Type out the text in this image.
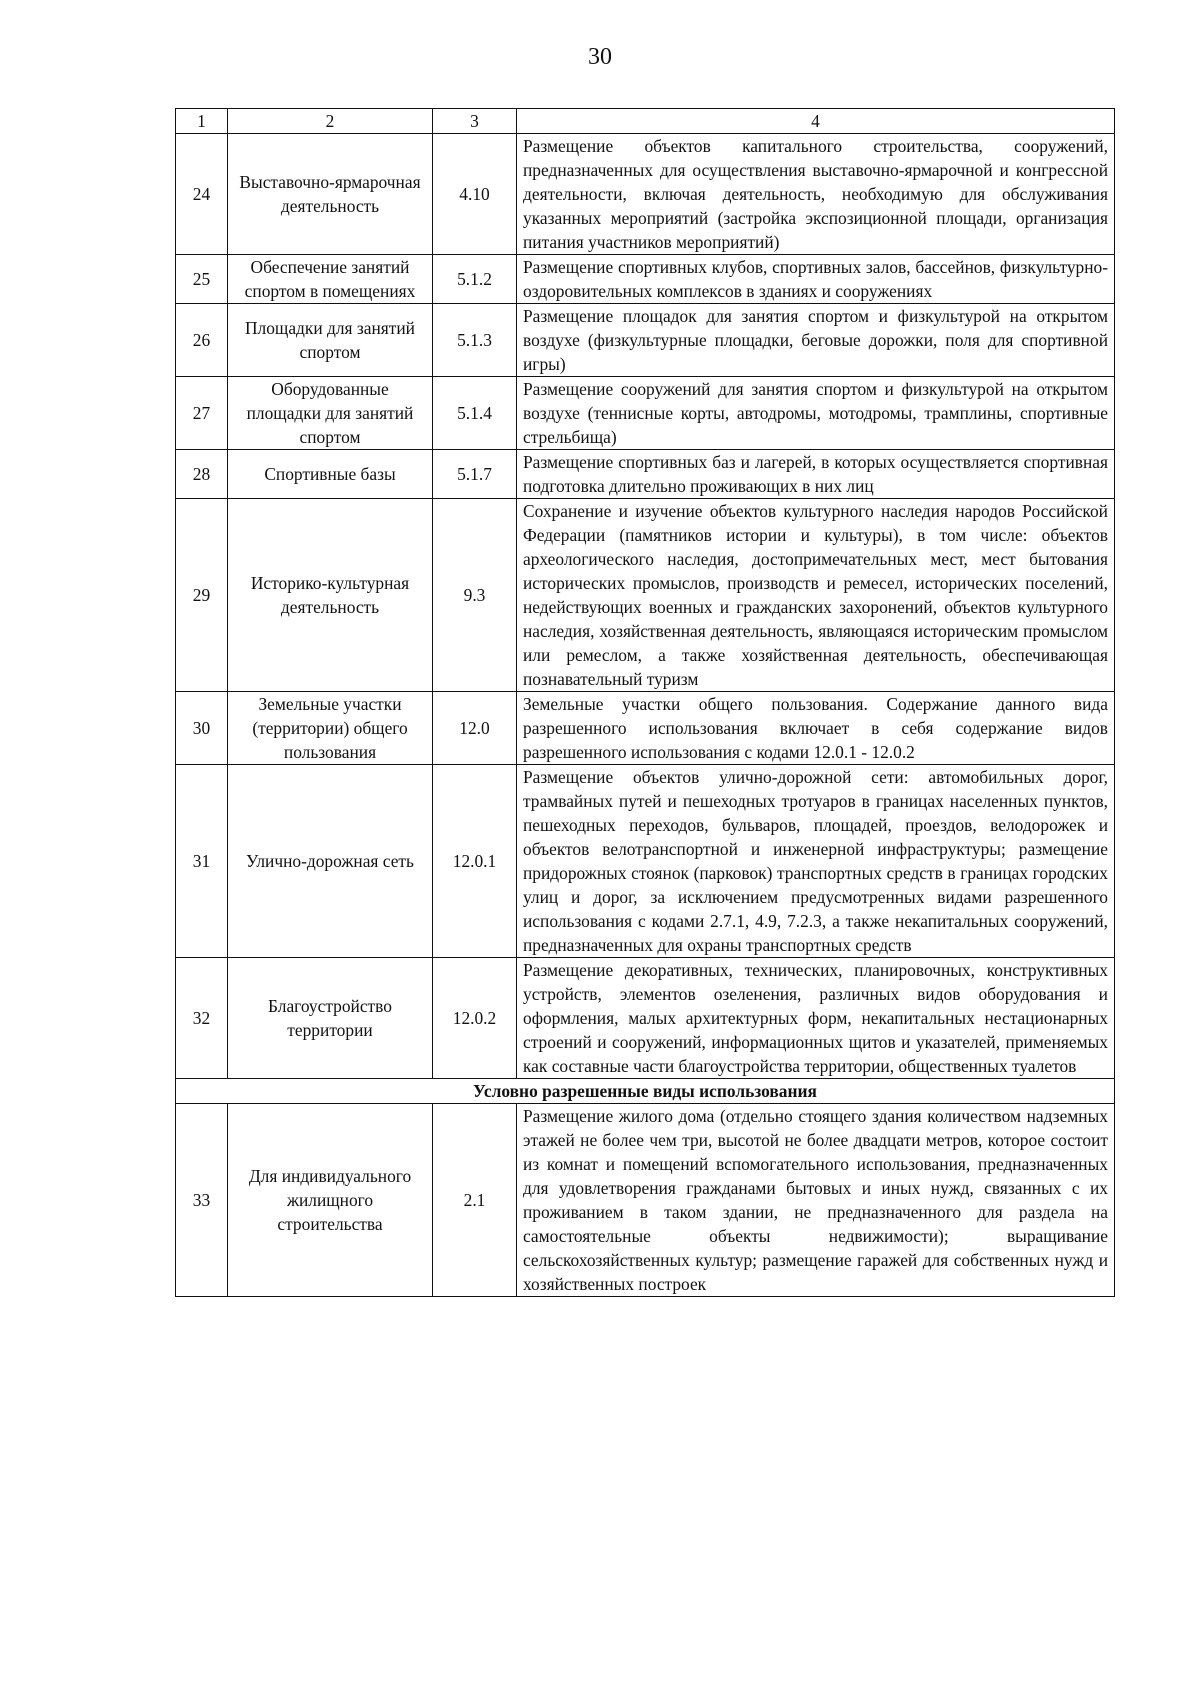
30
1	2	3	4
24	Выставочно-ярмарочная деятельность	4.10	Размещение объектов капитального строительства, сооружений, предназначенных для осуществления выставочно-ярмарочной и конгрессной деятельности, включая деятельность, необходимую для обслуживания указанных мероприятий (застройка экспозиционной площади, организация питания участников мероприятий)
25	Обеспечение занятий спортом в помещениях	5.1.2	Размещение спортивных клубов, спортивных залов, бассейнов, физкультурно-оздоровительных комплексов в зданиях и сооружениях
26	Площадки для занятий спортом	5.1.3	Размещение площадок для занятия спортом и физкультурой на открытом воздухе (физкультурные площадки, беговые дорожки, поля для спортивной игры)
27	Оборудованные площадки для занятий спортом	5.1.4	Размещение сооружений для занятия спортом и физкультурой на открытом воздухе (теннисные корты, автодромы, мотодромы, трамплины, спортивные стрельбища)
28	Спортивные базы	5.1.7	Размещение спортивных баз и лагерей, в которых осуществляется спортивная подготовка длительно проживающих в них лиц
29	Историко-культурная деятельность	9.3	Сохранение и изучение объектов культурного наследия народов Российской Федерации (памятников истории и культуры), в том числе: объектов археологического наследия, достопримечательных мест, мест бытования исторических промыслов, производств и ремесел, исторических поселений, недействующих военных и гражданских захоронений, объектов культурного наследия, хозяйственная деятельность, являющаяся историческим промыслом или ремеслом, а также хозяйственная деятельность, обеспечивающая познавательный туризм
30	Земельные участки (территории) общего пользования	12.0	Земельные участки общего пользования. Содержание данного вида разрешенного использования включает в себя содержание видов разрешенного использования с кодами 12.0.1 - 12.0.2
31	Улично-дорожная сеть	12.0.1	Размещение объектов улично-дорожной сети: автомобильных дорог, трамвайных путей и пешеходных тротуаров в границах населенных пунктов, пешеходных переходов, бульваров, площадей, проездов, велодорожек и объектов велотранспортной и инженерной инфраструктуры; размещение придорожных стоянок (парковок) транспортных средств в границах городских улиц и дорог, за исключением предусмотренных видами разрешенного использования с кодами 2.7.1, 4.9, 7.2.3, а также некапитальных сооружений, предназначенных для охраны транспортных средств
32	Благоустройство территории	12.0.2	Размещение декоративных, технических, планировочных, конструктивных устройств, элементов озеленения, различных видов оборудования и оформления, малых архитектурных форм, некапитальных нестационарных строений и сооружений, информационных щитов и указателей, применяемых как составные части благоустройства территории, общественных туалетов
Условно разрешенные виды использования			
33	Для индивидуального жилищного строительства	2.1	Размещение жилого дома (отдельно стоящего здания количеством надземных этажей не более чем три, высотой не более двадцати метров, которое состоит из комнат и помещений вспомогательного использования, предназначенных для удовлетворения гражданами бытовых и иных нужд, связанных с их проживанием в таком здании, не предназначенного для раздела на самостоятельные объекты недвижимости); выращивание сельскохозяйственных культур; размещение гаражей для собственных нужд и хозяйственных построек
